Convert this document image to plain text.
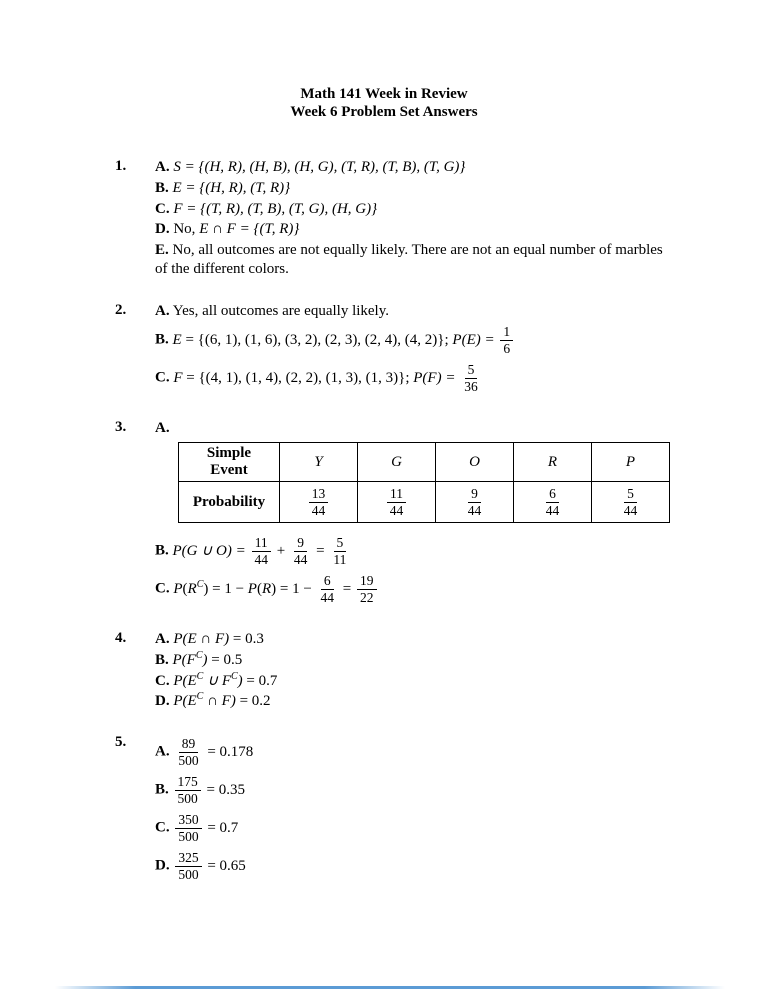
Math 141 Week in Review
Week 6 Problem Set Answers
1.	A. S = {(H, R), (H, B), (H, G), (T, R), (T, B), (T, G)}
B. E = {(H, R), (T, R)}
C. F = {(T, R), (T, B), (T, G), (H, G)}
D. No, E ∩ F = {(T, R)}
E. No, all outcomes are not equally likely. There are not an equal number of marbles of the different colors.
2.	A. Yes, all outcomes are equally likely.
B. E = {(6, 1), (1, 6), (3, 2), (2, 3), (2, 4), (4, 2)}; $P(E) = \frac{1}{6}$
C. F = {(4, 1), (1, 4), (2, 2), (1, 3), (1, 3)}; $P(F) = \frac{5}{36}$
3.	A.
Simple Event	Y	G	O	R	P
Probability	$\frac{13}{44}$	$\frac{11}{44}$	$\frac{9}{44}$	$\frac{6}{44}$	$\frac{5}{44}$
B. P(G ∪ $O) = \frac{11}{44} + \frac{9}{44} = \frac{5}{11}$
C. $P(R^C) = 1 - P(R) = 1 - \frac{6}{44} = \frac{19}{22}$
4.	A. P(E ∩ F) = 0.3
B. $P(F^C) = 0.5$
C. $P(E^C$ ∪ $F^C) = 0.7$
D. $P(E^C$ ∩ F) = 0.2
5.
A. $\frac{89}{500} = 0.178$
B. $\frac{175}{500} = 0.35$
C. $\frac{350}{500} = 0.7$
D. $\frac{325}{500} = 0.65$
